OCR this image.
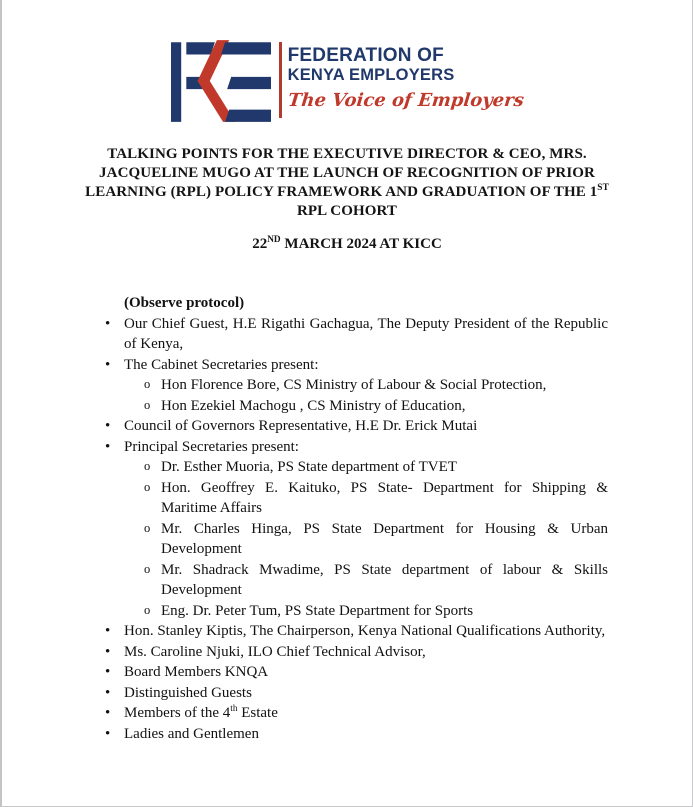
FEDERATION OF
KENYA EMPLOYERS
The Voice of Employers
TALKING POINTS FOR THE EXECUTIVE DIRECTOR & CEO, MRS.
JACQUELINE MUGO AT THE LAUNCH OF RECOGNITION OF PRIOR
LEARNING (RPL) POLICY FRAMEWORK AND GRADUATION OF THE 1ST
RPL COHORT
22ND MARCH 2024 AT KICC
(Observe protocol)
• Our Chief Guest, H.E Rigathi Gachagua, The Deputy President of the Republic of Kenya,
• The Cabinet Secretaries present:
o Hon Florence Bore, CS Ministry of Labour & Social Protection,
o Hon Ezekiel Machogu , CS Ministry of Education,
• Council of Governors Representative, H.E Dr. Erick Mutai
• Principal Secretaries present:
o Dr. Esther Muoria, PS State department of TVET
o Hon. Geoffrey E. Kaituko, PS State- Department for Shipping & Maritime Affairs
o Mr. Charles Hinga, PS State Department for Housing & Urban Development
o Mr. Shadrack Mwadime, PS State department of labour & Skills Development
o Eng. Dr. Peter Tum, PS State Department for Sports
• Hon. Stanley Kiptis, The Chairperson, Kenya National Qualifications Authority,
• Ms. Caroline Njuki, ILO Chief Technical Advisor,
• Board Members KNQA
• Distinguished Guests
• Members of the 4th Estate
• Ladies and Gentlemen
